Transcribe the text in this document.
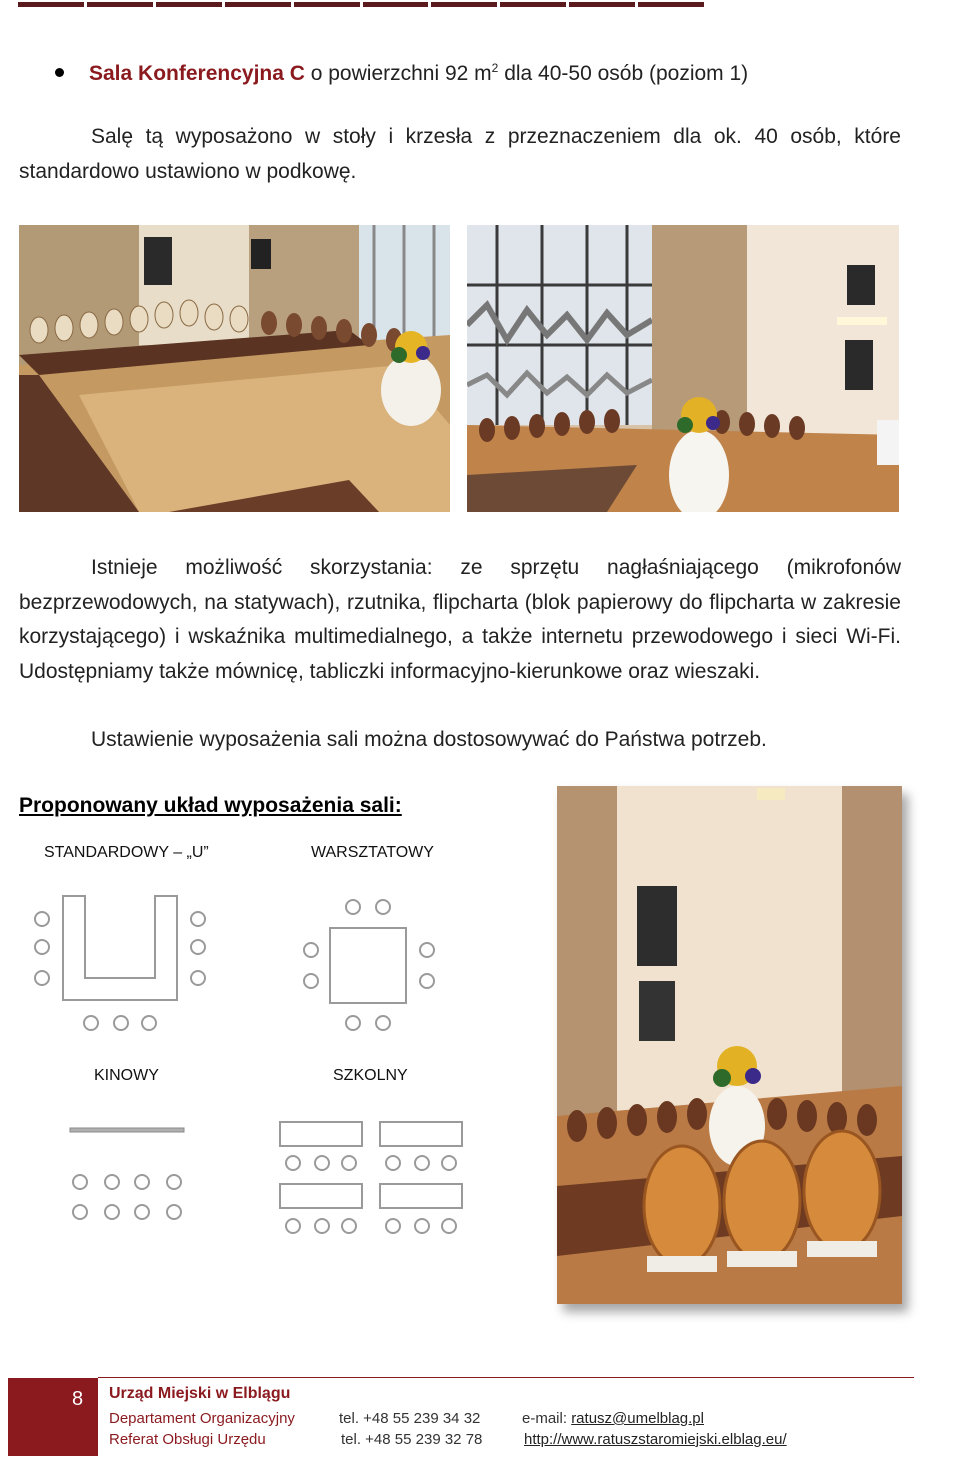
Sala Konferencyjna C o powierzchni 92 $m^2$ dla 40-50 osób (poziom 1)
Salę tą wyposażono w stoły i krzesła z przeznaczeniem dla ok. 40 osób, które standardowo ustawiono w podkowę.
Istnieje możliwość skorzystania: ze sprzętu nagłaśniającego (mikrofonów bezprzewodowych, na statywach), rzutnika, flipcharta (blok papierowy do flipcharta w zakresie korzystającego) i wskaźnika multimedialnego, a także internetu przewodowego i sieci Wi-Fi. Udostępniamy także mównicę, tabliczki informacyjno-kierunkowe oraz wieszaki.
Ustawienie wyposażenia sali można dostosowywać do Państwa potrzeb.
Proponowany układ wyposażenia sali:
STANDARDOWY – „U”	WARSZTATOWY
KINOWY	SZKOLNY
8 Urząd Miejski w Elblągu
Departament Organizacyjny
Referat Obsługi Urzędu
tel. +48 55 239 34 32
tel. +48 55 239 32 78
e-mail: ratusz@umelblag.pl
http://www.ratuszstaromiejski.elblag.eu/
